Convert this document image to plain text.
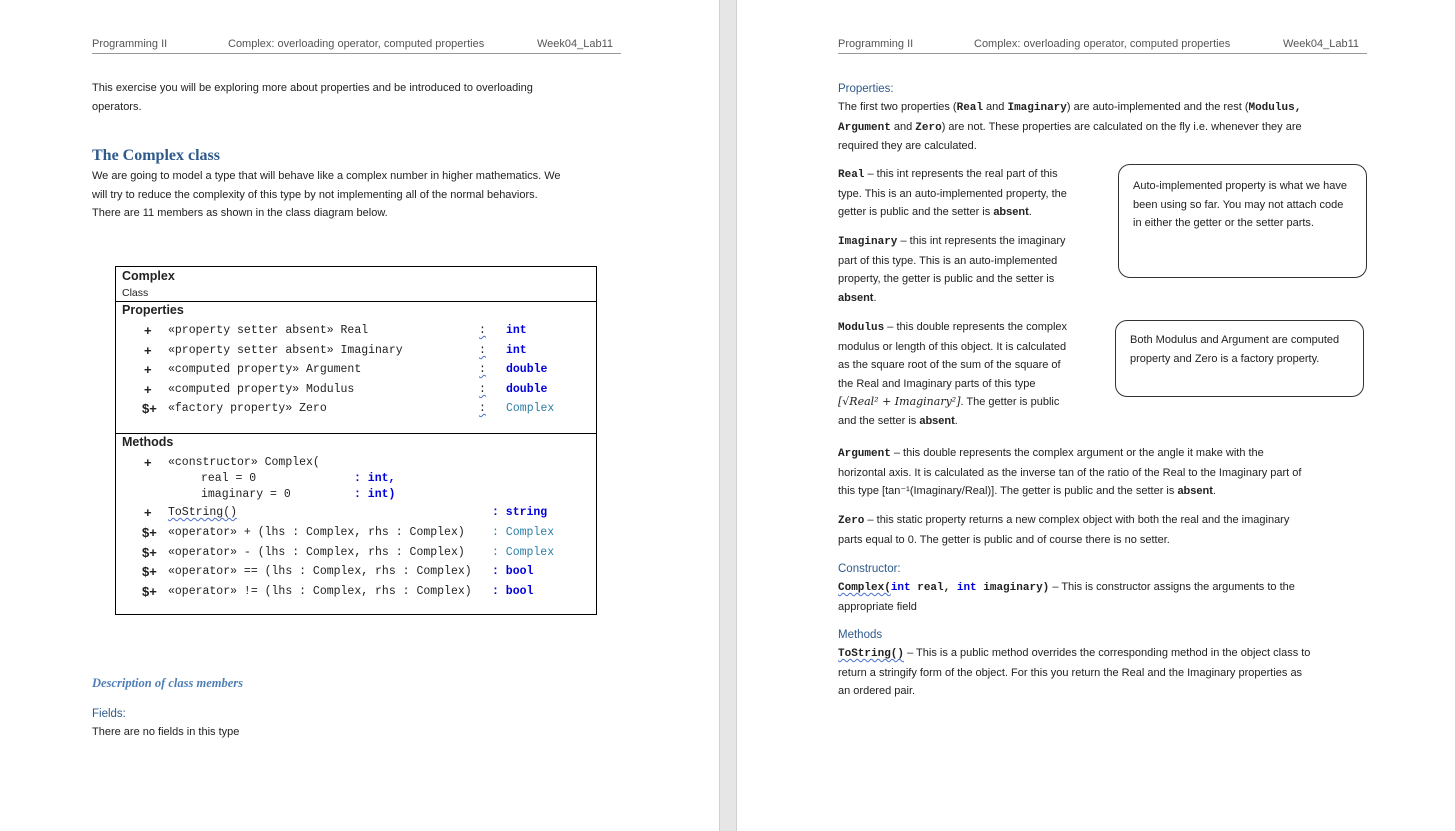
Programming II	Complex: overloading operator, computed properties	Week04_Lab11
This exercise you will be exploring more about properties and be introduced to overloading
operators.
The Complex class
We are going to model a type that will behave like a complex number in higher mathematics. We
will try to reduce the complexity of this type by not implementing all of the normal behaviors.
There are 11 members as shown in the class diagram below.
Complex
Class
Properties
+ «property setter absent» Real	: int
+ «property setter absent» Imaginary	: int
+ «computed property» Argument	: double
+ «computed property» Modulus	: double
$+ «factory property» Zero	: Complex
Methods
+ «constructor» Complex(
real = 0	: int,
imaginary = 0	: int)
+ ToString()	: string
$+ «operator» + (lhs : Complex, rhs : Complex) : Complex
$+ «operator» - (lhs : Complex, rhs : Complex) : Complex
$+ «operator» == (lhs : Complex, rhs : Complex) : bool
$+ «operator» != (lhs : Complex, rhs : Complex) : bool
Description of class members
Fields:
There are no fields in this type
Programming II	Complex: overloading operator, computed properties	Week04_Lab11
Properties:
The first two properties (Real and Imaginary) are auto-implemented and the rest (Modulus,
Argument and Zero) are not. These properties are calculated on the fly i.e. whenever they are
required they are calculated.
Real – this int represents the real part of this
type. This is an auto-implemented property, the
getter is public and the setter is absent.
Imaginary – this int represents the imaginary
part of this type. This is an auto-implemented
property, the getter is public and the setter is
absent.
Modulus – this double represents the complex
modulus or length of this object. It is calculated
as the square root of the sum of the square of
the Real and Imaginary parts of this type
[√Real² + Imaginary²]. The getter is public
and the setter is absent.
Auto-implemented property is what we have been using so far. You may not attach code in either the getter or the setter parts.
Both Modulus and Argument are computed property and Zero is a factory property.
Argument – this double represents the complex argument or the angle it make with the
horizontal axis. It is calculated as the inverse tan of the ratio of the Real to the Imaginary part of
this type [tan⁻¹(Imaginary/Real)]. The getter is public and the setter is absent.
Zero – this static property returns a new complex object with both the real and the imaginary
parts equal to 0. The getter is public and of course there is no setter.
Constructor:
Complex(int real, int imaginary) – This is constructor assigns the arguments to the
appropriate field
Methods
ToString() – This is a public method overrides the corresponding method in the object class to
return a stringify form of the object. For this you return the Real and the Imaginary properties as
an ordered pair.
